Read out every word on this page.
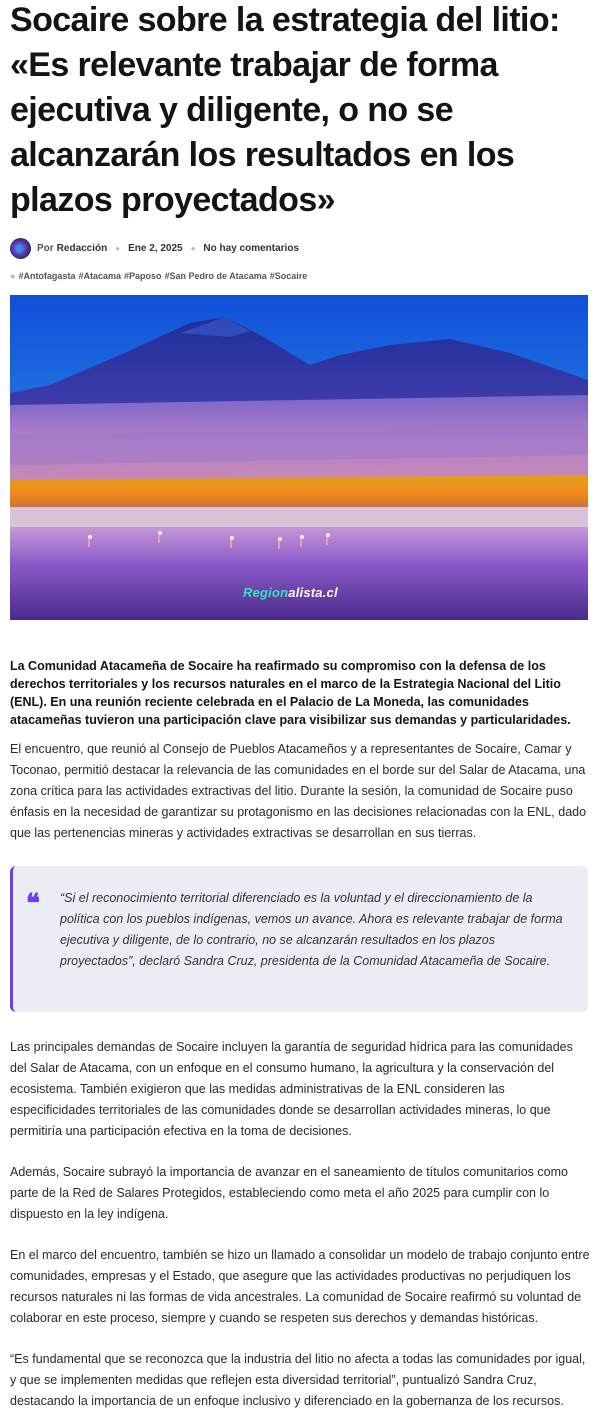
Socaire sobre la estrategia del litio: «Es relevante trabajar de forma ejecutiva y diligente, o no se alcanzarán los resultados en los plazos proyectados»
Por Redacción ● Ene 2, 2025 ● No hay comentarios
● #Antofagasta #Atacama #Paposo #San Pedro de Atacama #Socaire
Regionalista.cl

La Comunidad Atacameña de Socaire ha reafirmado su compromiso con la defensa de los derechos territoriales y los recursos naturales en el marco de la Estrategia Nacional del Litio (ENL). En una reunión reciente celebrada en el Palacio de La Moneda, las comunidades atacameñas tuvieron una participación clave para visibilizar sus demandas y particularidades.

El encuentro, que reunió al Consejo de Pueblos Atacameños y a representantes de Socaire, Camar y Toconao, permitió destacar la relevancia de las comunidades en el borde sur del Salar de Atacama, una zona crítica para las actividades extractivas del litio. Durante la sesión, la comunidad de Socaire puso énfasis en la necesidad de garantizar su protagonismo en las decisiones relacionadas con la ENL, dado que las pertenencias mineras y actividades extractivas se desarrollan en sus tierras.

❝ “Si el reconocimiento territorial diferenciado es la voluntad y el direccionamiento de la política con los pueblos indígenas, vemos un avance. Ahora es relevante trabajar de forma ejecutiva y diligente, de lo contrario, no se alcanzarán resultados en los plazos proyectados”, declaró Sandra Cruz, presidenta de la Comunidad Atacameña de Socaire.

Las principales demandas de Socaire incluyen la garantía de seguridad hídrica para las comunidades del Salar de Atacama, con un enfoque en el consumo humano, la agricultura y la conservación del ecosistema. También exigieron que las medidas administrativas de la ENL consideren las especificidades territoriales de las comunidades donde se desarrollan actividades mineras, lo que permitiría una participación efectiva en la toma de decisiones.

Además, Socaire subrayó la importancia de avanzar en el saneamiento de títulos comunitarios como parte de la Red de Salares Protegidos, estableciendo como meta el año 2025 para cumplir con lo dispuesto en la ley indígena.

En el marco del encuentro, también se hizo un llamado a consolidar un modelo de trabajo conjunto entre comunidades, empresas y el Estado, que asegure que las actividades productivas no perjudiquen los recursos naturales ni las formas de vida ancestrales. La comunidad de Socaire reafirmó su voluntad de colaborar en este proceso, siempre y cuando se respeten sus derechos y demandas históricas.

“Es fundamental que se reconozca que la industria del litio no afecta a todas las comunidades por igual, y que se implementen medidas que reflejen esta diversidad territorial”, puntualizó Sandra Cruz, destacando la importancia de un enfoque inclusivo y diferenciado en la gobernanza de los recursos.
